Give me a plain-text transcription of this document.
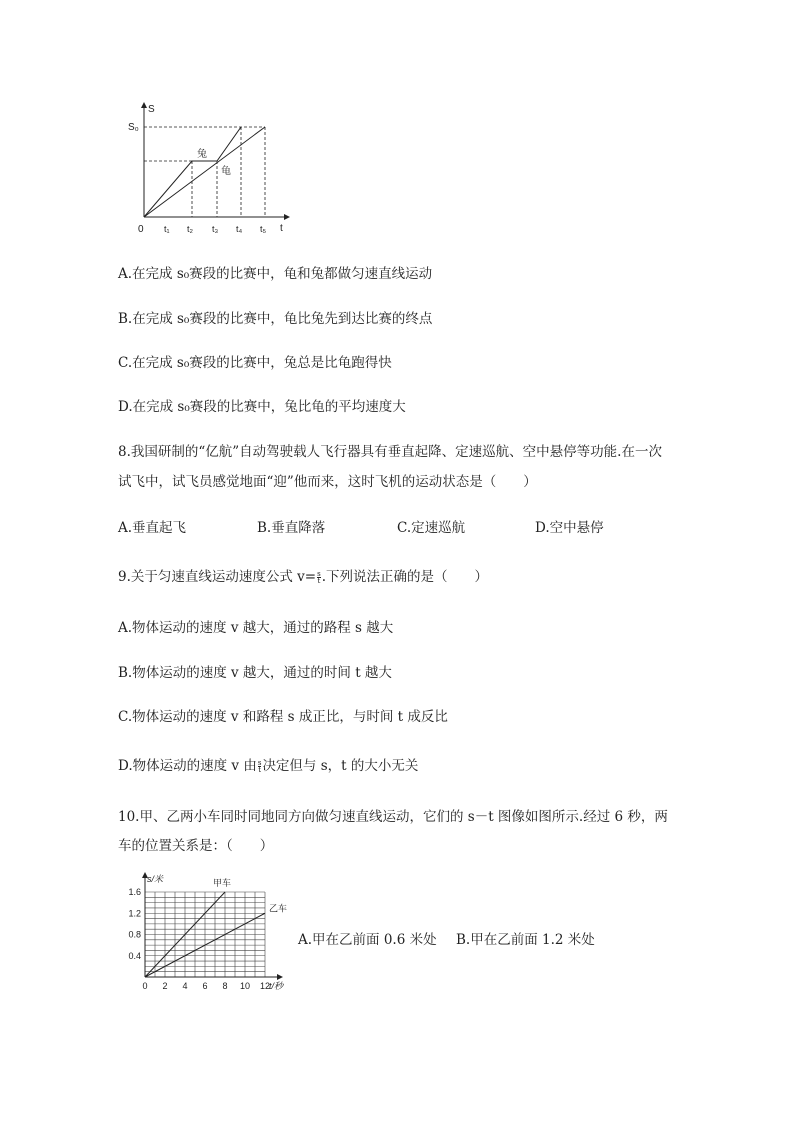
S
t
S₀
0
兔
龟
t₁ t₂ t₃ t₄ t₅
A.在完成 s₀赛段的比赛中，龟和兔都做匀速直线运动
B.在完成 s₀赛段的比赛中，龟比兔先到达比赛的终点
C.在完成 s₀赛段的比赛中，兔总是比龟跑得快
D.在完成 s₀赛段的比赛中，兔比龟的平均速度大
8.我国研制的“亿航”自动驾驶载人飞行器具有垂直起降、定速巡航、空中悬停等功能.在一次
试飞中，试飞员感觉地面“迎”他而来，这时飞机的运动状态是（　　）
A.垂直起飞	B.垂直降落	C.定速巡航	D.空中悬停
9.关于匀速直线运动速度公式 $v= \frac{s}{t}$ .下列说法正确的是（　　）
A.物体运动的速度 v 越大，通过的路程 s 越大
B.物体运动的速度 v 越大，通过的时间 t 越大
C.物体运动的速度 v 和路程 s 成正比，与时间 t 成反比
D.物体运动的速度 v 由 $\frac{s}{t}$ 决定但与 s，t 的大小无关
10.甲、乙两小车同时同地同方向做匀速直线运动，它们的 s－t 图像如图所示.经过 6 秒，两
车的位置关系是：（　　）
0 2 4 6 8 10 12
0.4
0.8
1.2
1.6
s/米
t/秒
甲车
乙车
A.甲在乙前面 0.6 米处 B.甲在乙前面 1.2 米处
